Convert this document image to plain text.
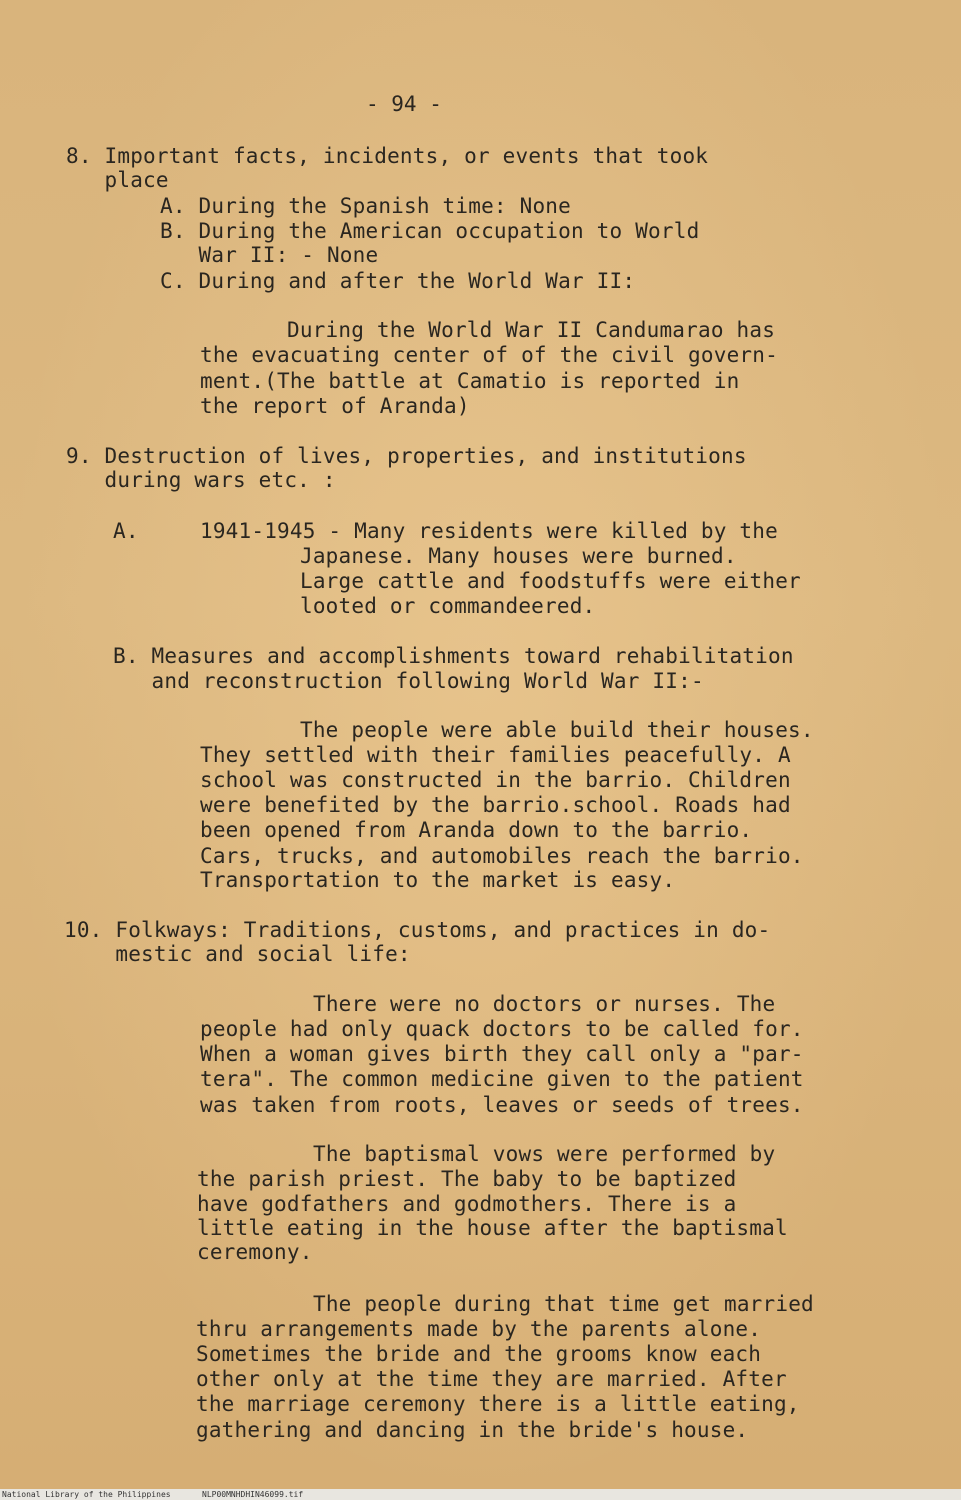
- 94 -
8. Important facts, incidents, or events that took
place
A. During the Spanish time: None
B. During the American occupation to World
War II: - None
C. During and after the World War II:
During the World War II Candumarao has
the evacuating center of of the civil govern-
ment.(The battle at Camatio is reported in
the report of Aranda)
9. Destruction of lives, properties, and institutions
during wars etc. :
A.	1941-1945 - Many residents were killed by the
Japanese. Many houses were burned.
Large cattle and foodstuffs were either
looted or commandeered.
B. Measures and accomplishments toward rehabilitation
and reconstruction following World War II:-
The people were able build their houses.
They settled with their families peacefully. A
school was constructed in the barrio. Children
were benefited by the barrio.school. Roads had
been opened from Aranda down to the barrio.
Cars, trucks, and automobiles reach the barrio.
Transportation to the market is easy.
10. Folkways: Traditions, customs, and practices in do-
mestic and social life:
There were no doctors or nurses. The
people had only quack doctors to be called for.
When a woman gives birth they call only a "par-
tera". The common medicine given to the patient
was taken from roots, leaves or seeds of trees.
The baptismal vows were performed by
the parish priest. The baby to be baptized
have godfathers and godmothers. There is a
little eating in the house after the baptismal
ceremony.
The people during that time get married
thru arrangements made by the parents alone.
Sometimes the bride and the grooms know each
other only at the time they are married. After
the marriage ceremony there is a little eating,
gathering and dancing in the bride's house.

National Library of the Philippines

	NLP00MNHDHIN46099.tif
